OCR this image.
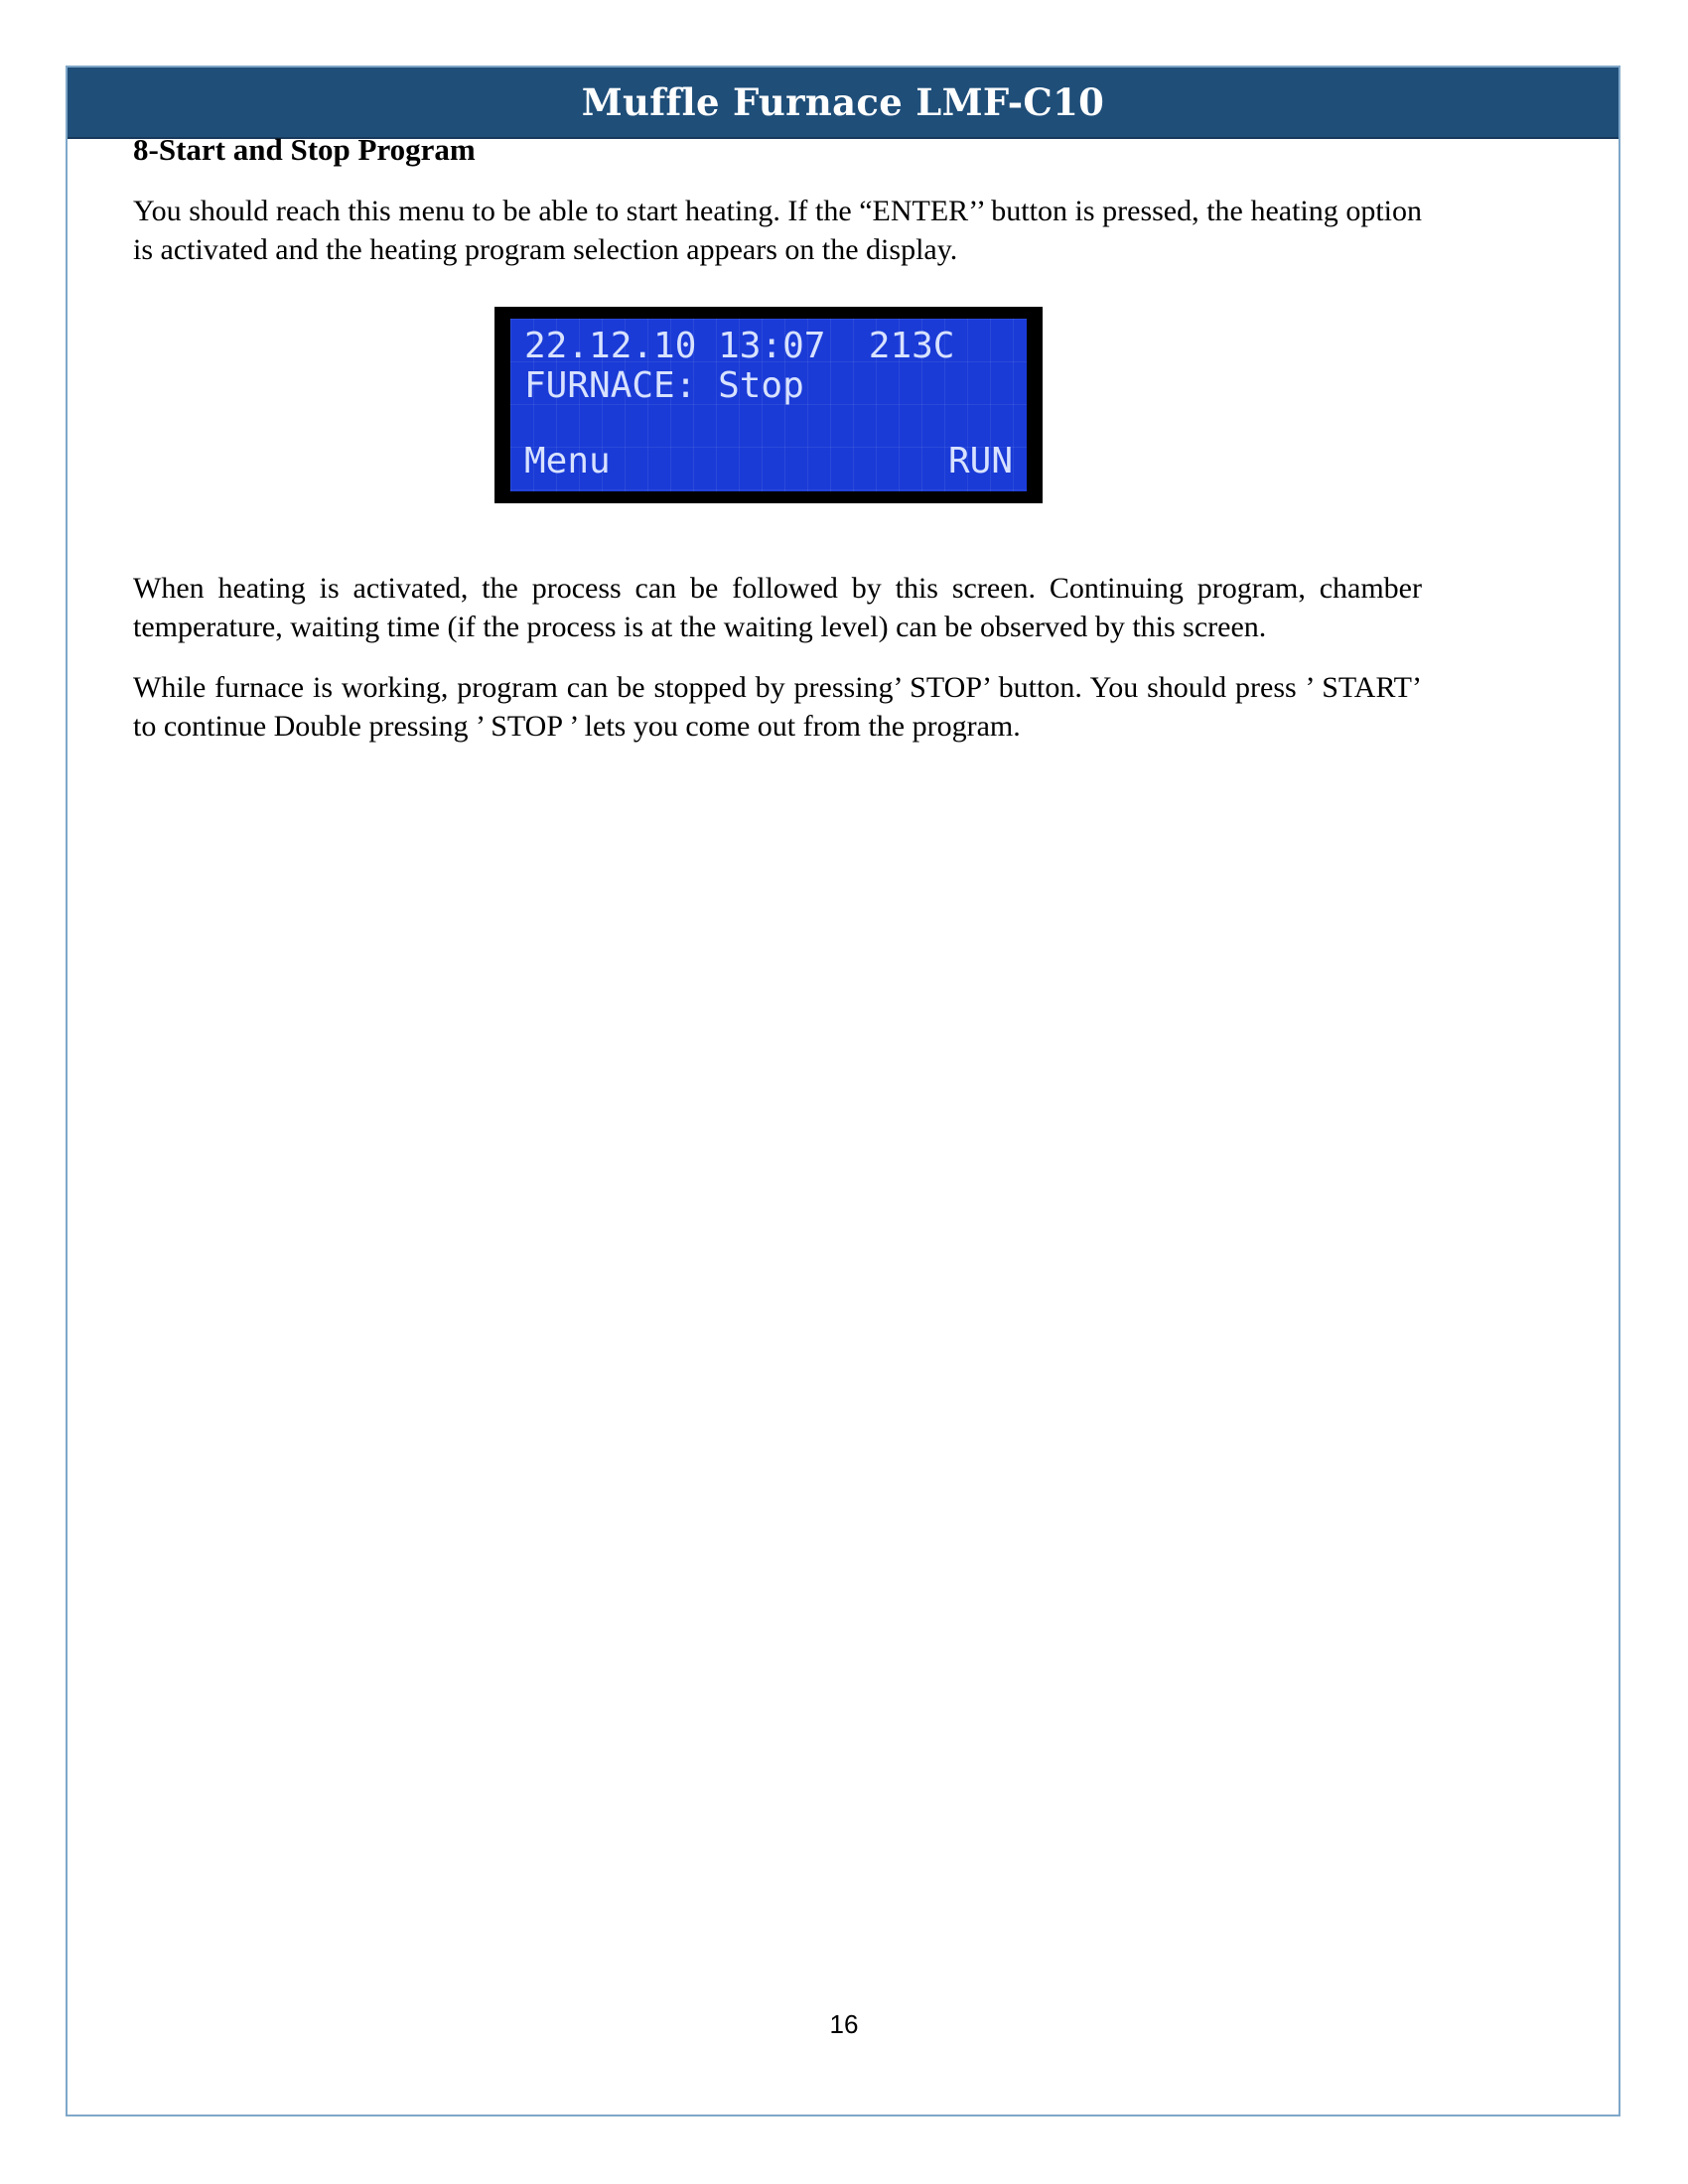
Muffle Furnace LMF-C10
8-Start and Stop Program

You should reach this menu to be able to start heating. If the “ENTER’’ button is pressed, the heating option is activated and the heating program selection appears on the display.

22.12.10 13:07  213C
FURNACE: Stop
Menu	RUN

When heating is activated, the process can be followed by this screen. Continuing program, chamber temperature, waiting time (if the process is at the waiting level) can be observed by this screen.

While furnace is working, program can be stopped by pressing’ STOP’ button. You should press ’ START’ to continue Double pressing ’ STOP ’ lets you come out from the program.

16
